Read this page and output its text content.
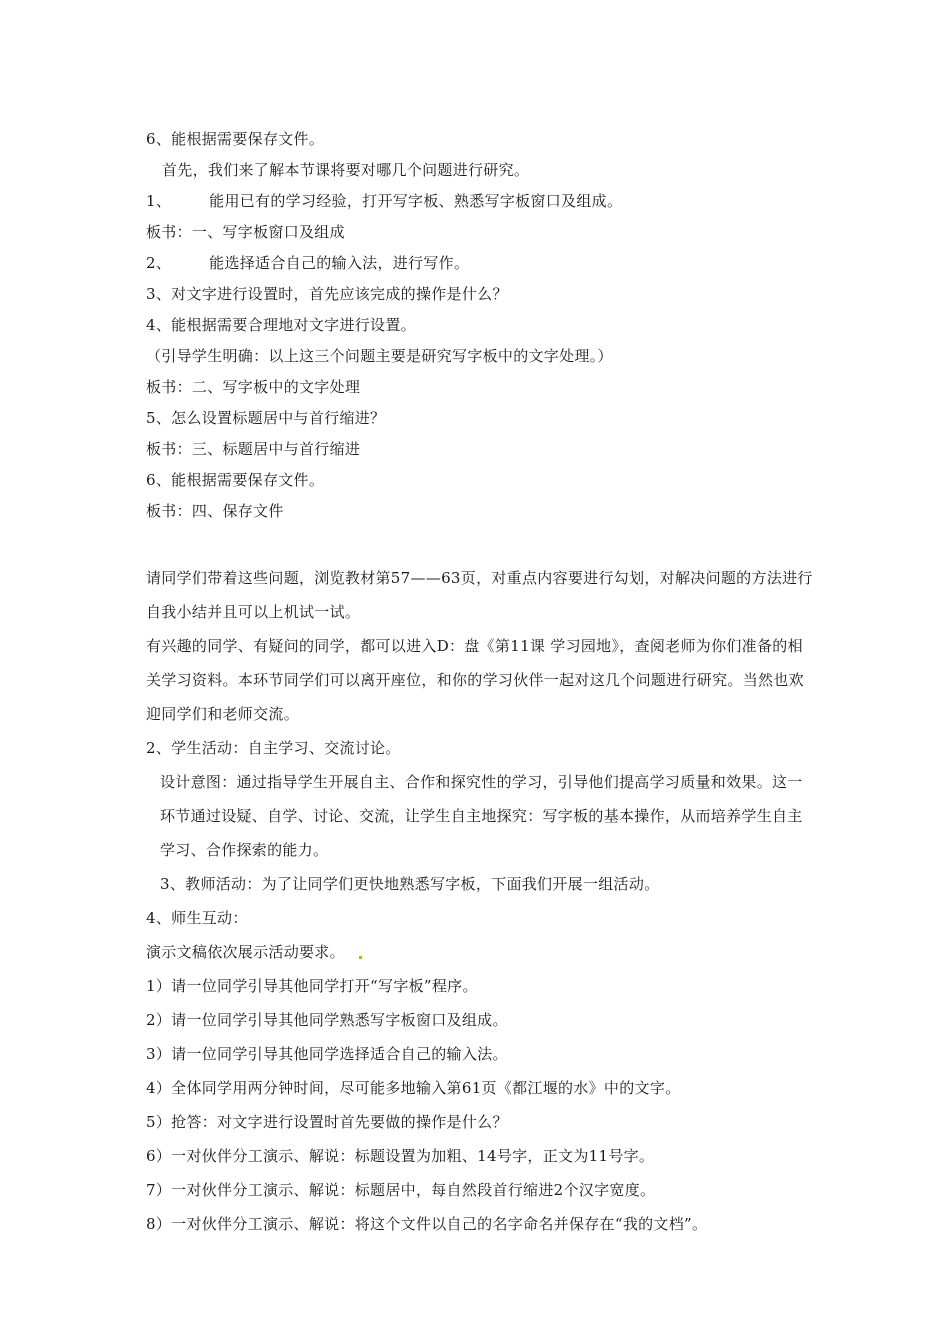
6、能根据需要保存文件。
首先，我们来了解本节课将要对哪几个问题进行研究。
1、	能用已有的学习经验，打开写字板、熟悉写字板窗口及组成。
板书：一、写字板窗口及组成
2、	能选择适合自己的输入法，进行写作。
3、对文字进行设置时，首先应该完成的操作是什么？
4、能根据需要合理地对文字进行设置。
（引导学生明确：以上这三个问题主要是研究写字板中的文字处理。）
板书：二、写字板中的文字处理
5、怎么设置标题居中与首行缩进？
板书：三、标题居中与首行缩进
6、能根据需要保存文件。
板书：四、保存文件
请同学们带着这些问题，浏览教材第57——63页，对重点内容要进行勾划，对解决问题的方法进行自我小结并且可以上机试一试。
有兴趣的同学、有疑问的同学，都可以进入D：盘《第11课 学习园地》，查阅老师为你们准备的相关学习资料。本环节同学们可以离开座位，和你的学习伙伴一起对这几个问题进行研究。当然也欢迎同学们和老师交流。
2、学生活动：自主学习、交流讨论。
设计意图：通过指导学生开展自主、合作和探究性的学习，引导他们提高学习质量和效果。这一环节通过设疑、自学、讨论、交流，让学生自主地探究：写字板的基本操作，从而培养学生自主学习、合作探索的能力。
3、教师活动：为了让同学们更快地熟悉写字板，下面我们开展一组活动。
4、师生互动：
演示文稿依次展示活动要求。
1）请一位同学引导其他同学打开“写字板”程序。
2）请一位同学引导其他同学熟悉写字板窗口及组成。
3）请一位同学引导其他同学选择适合自己的输入法。
4）全体同学用两分钟时间，尽可能多地输入第61页《都江堰的水》中的文字。
5）抢答：对文字进行设置时首先要做的操作是什么？
6）一对伙伴分工演示、解说：标题设置为加粗、14号字，正文为11号字。
7）一对伙伴分工演示、解说：标题居中，每自然段首行缩进2个汉字宽度。
8）一对伙伴分工演示、解说：将这个文件以自己的名字命名并保存在“我的文档”。
